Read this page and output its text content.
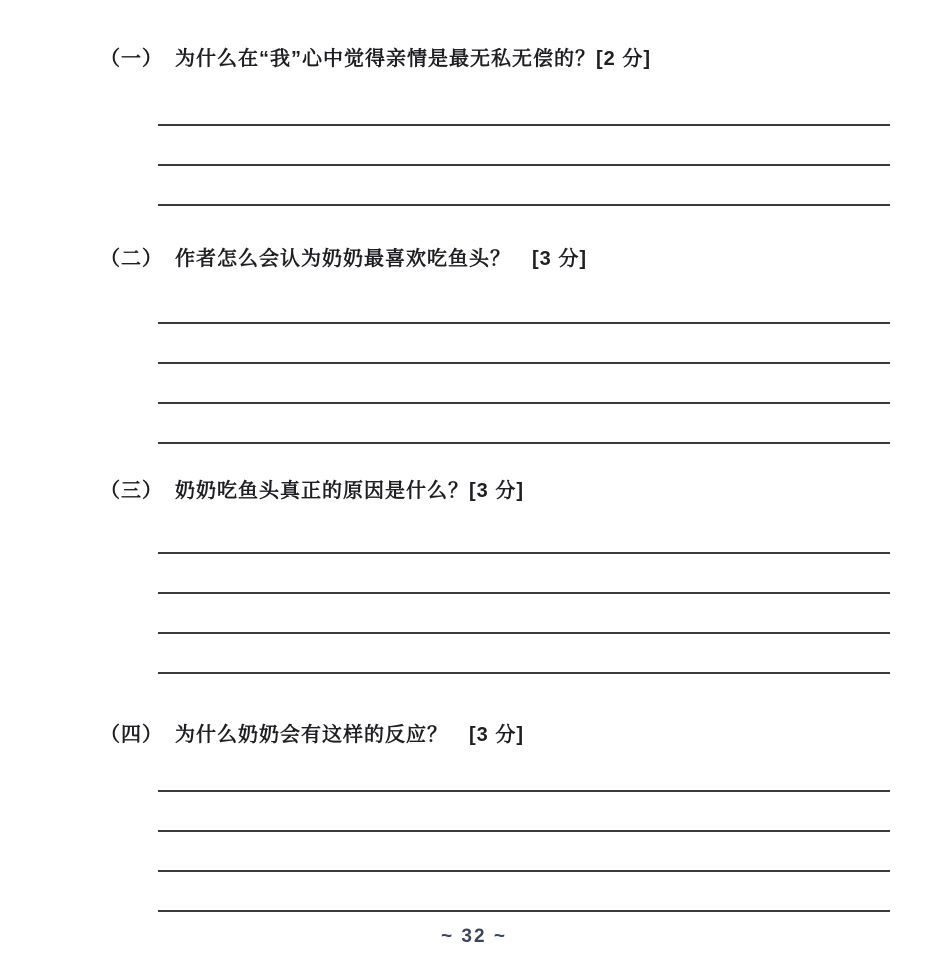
（一） 为什么在“我”心中觉得亲情是最无私无偿的？[2 分]
（二） 作者怎么会认为奶奶最喜欢吃鱼头？　[3 分]
（三） 奶奶吃鱼头真正的原因是什么？[3 分]
（四） 为什么奶奶会有这样的反应？　[3 分]
~ 32 ~
